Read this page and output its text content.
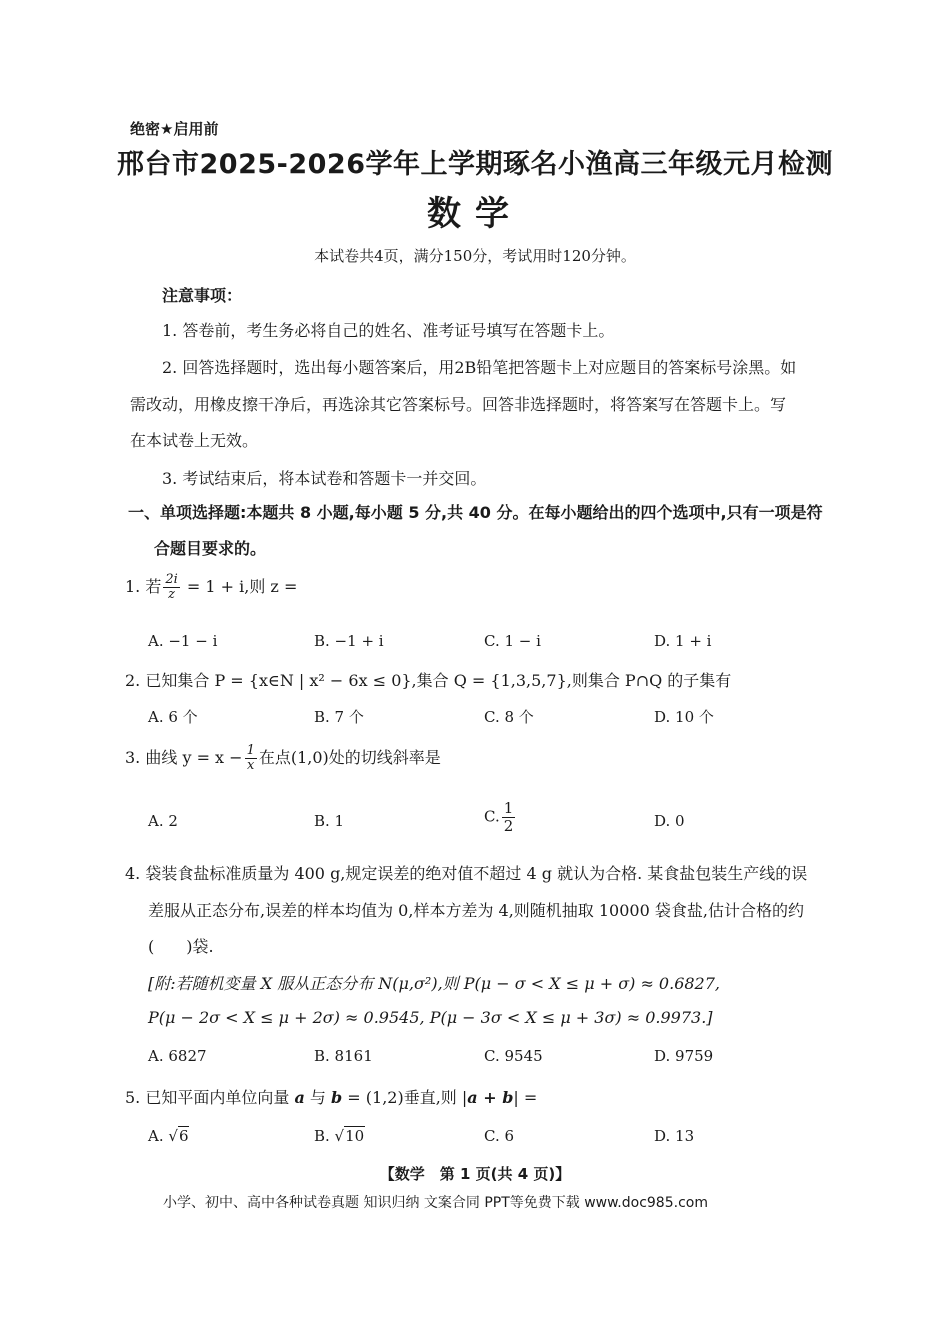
绝密★启用前
邢台市2025-2026学年上学期琢名小渔高三年级元月检测
数学
本试卷共4页，满分150分，考试用时120分钟。
注意事项：
1. 答卷前，考生务必将自己的姓名、准考证号填写在答题卡上。
2. 回答选择题时，选出每小题答案后，用2B铅笔把答题卡上对应题目的答案标号涂黑。如
需改动，用橡皮擦干净后，再选涂其它答案标号。回答非选择题时，将答案写在答题卡上。写
在本试卷上无效。
3. 考试结束后，将本试卷和答题卡一并交回。
一、单项选择题:本题共 8 小题,每小题 5 分,共 40 分。在每小题给出的四个选项中,只有一项是符
合题目要求的。
1. 若 $\frac{2i}{z} = 1 + i$,则 z =
A. −1 − i	B. −1 + i	C. 1 − i	D. 1 + i
2. 已知集合 P = {x∈N | x² − 6x ≤ 0},集合 Q = {1,3,5,7},则集合 P∩Q 的子集有
A. 6 个	B. 7 个	C. 8 个	D. 10 个
3. 曲线 $y = x - \frac{1}{x}$ 在点(1,0)处的切线斜率是
A. 2	B. 1	C. $\frac{1}{2}$	D. 0
4. 袋装食盐标准质量为 400 g,规定误差的绝对值不超过 4 g 就认为合格. 某食盐包装生产线的误
差服从正态分布,误差的样本均值为 0,样本方差为 4,则随机抽取 10000 袋食盐,估计合格的约
(　　)袋.
[附:若随机变量 X 服从正态分布 N(μ,σ²),则 P(μ − σ < X ≤ μ + σ) ≈ 0.6827,
P(μ − 2σ < X ≤ μ + 2σ) ≈ 0.9545, P(μ − 3σ < X ≤ μ + 3σ) ≈ 0.9973.]
A. 6827	B. 8161	C. 9545	D. 9759
5. 已知平面内单位向量 a 与 b = (1,2)垂直,则 |a + b| =
A. √6	B. √10	C. 6	D. 13
【数学　第 1 页(共 4 页)】
小学、初中、高中各种试卷真题 知识归纳 文案合同 PPT等免费下载 www.doc985.com
